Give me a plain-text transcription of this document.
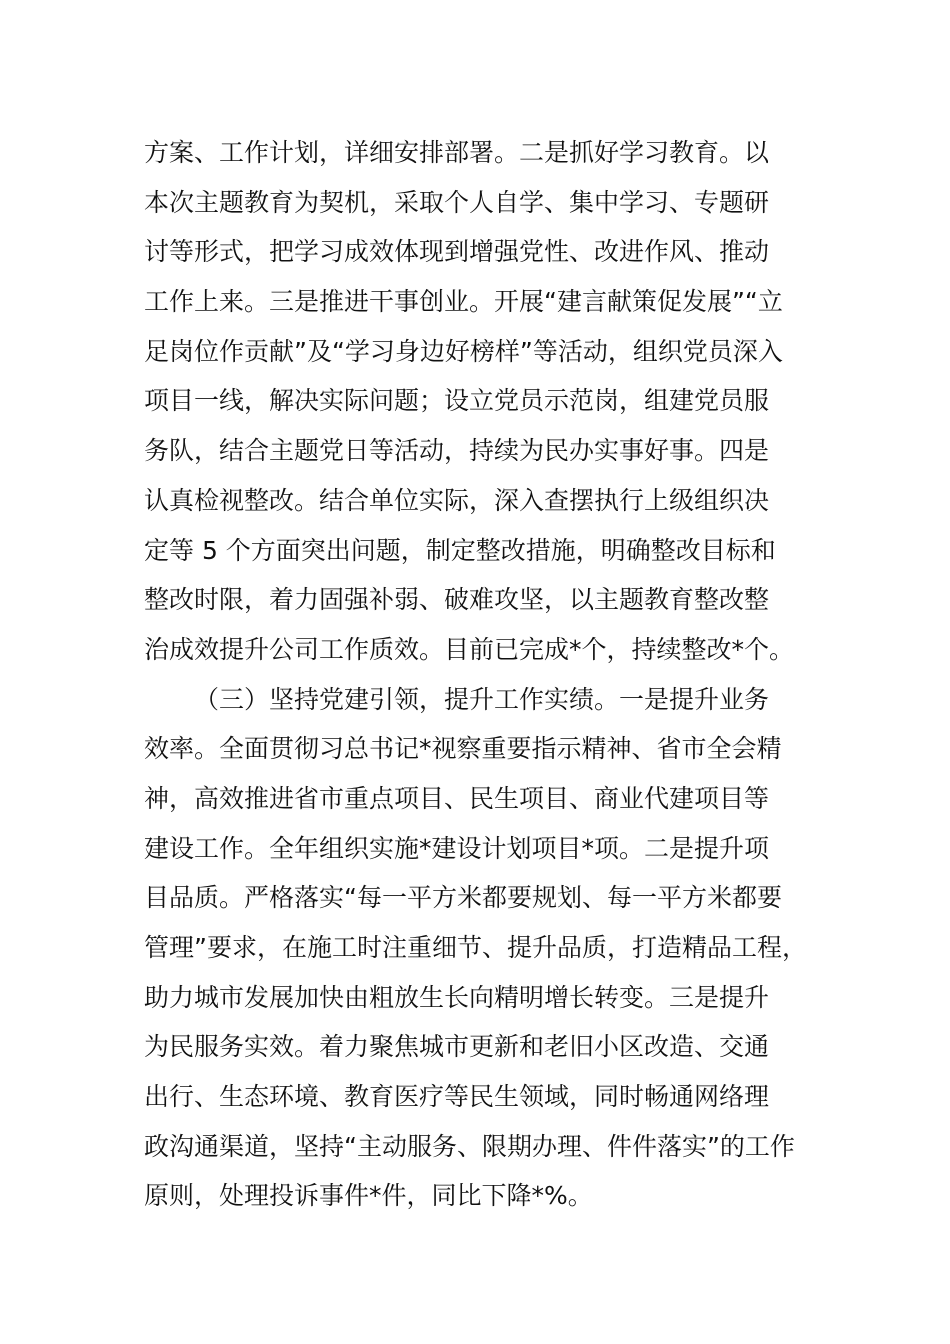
方案、工作计划，详细安排部署。二是抓好学习教育。以
本次主题教育为契机，采取个人自学、集中学习、专题研
讨等形式，把学习成效体现到增强党性、改进作风、推动
工作上来。三是推进干事创业。开展“建言献策促发展”“立
足岗位作贡献”及“学习身边好榜样”等活动，组织党员深入
项目一线，解决实际问题；设立党员示范岗，组建党员服
务队，结合主题党日等活动，持续为民办实事好事。四是
认真检视整改。结合单位实际，深入查摆执行上级组织决
定等 5 个方面突出问题，制定整改措施，明确整改目标和
整改时限，着力固强补弱、破难攻坚，以主题教育整改整
治成效提升公司工作质效。目前已完成*个，持续整改*个。
（三）坚持党建引领，提升工作实绩。一是提升业务
效率。全面贯彻习总书记*视察重要指示精神、省市全会精
神，高效推进省市重点项目、民生项目、商业代建项目等
建设工作。全年组织实施*建设计划项目*项。二是提升项
目品质。严格落实“每一平方米都要规划、每一平方米都要
管理”要求，在施工时注重细节、提升品质，打造精品工程，
助力城市发展加快由粗放生长向精明增长转变。三是提升
为民服务实效。着力聚焦城市更新和老旧小区改造、交通
出行、生态环境、教育医疗等民生领域，同时畅通网络理
政沟通渠道，坚持“主动服务、限期办理、件件落实”的工作
原则，处理投诉事件*件，同比下降*%。
